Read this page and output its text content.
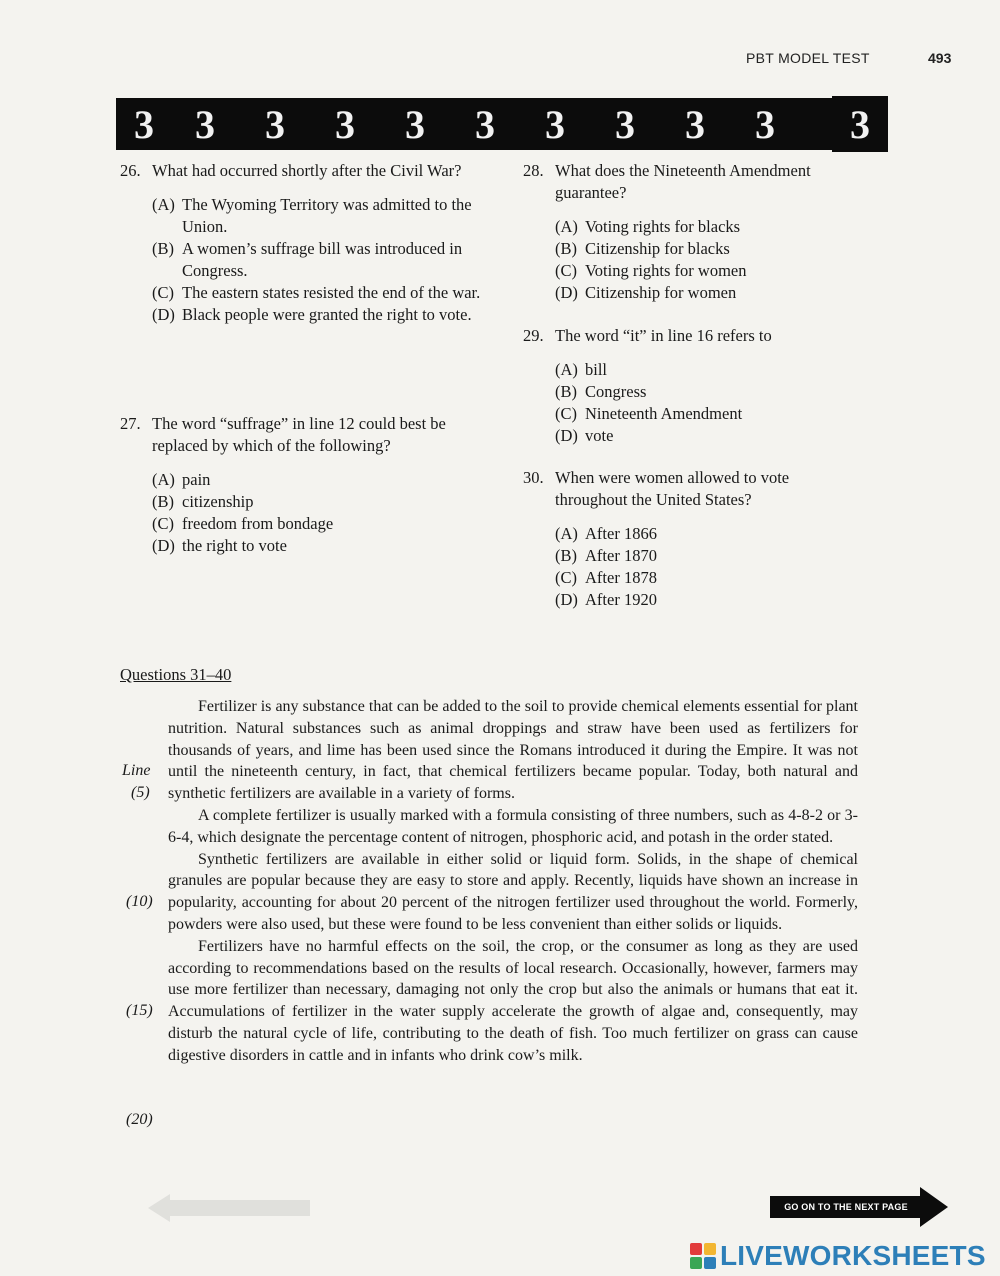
PBT MODEL TEST	493
3	3	3	3	3	3	3	3	3	3	3
26. What had occurred shortly after the Civil War?
(A) The Wyoming Territory was admitted to the Union.
(B) A women’s suffrage bill was introduced in Congress.
(C) The eastern states resisted the end of the war.
(D) Black people were granted the right to vote.
27. The word “suffrage” in line 12 could best be replaced by which of the following?
(A) pain
(B) citizenship
(C) freedom from bondage
(D) the right to vote
28. What does the Nineteenth Amendment guarantee?
(A) Voting rights for blacks
(B) Citizenship for blacks
(C) Voting rights for women
(D) Citizenship for women
29. The word “it” in line 16 refers to
(A) bill
(B) Congress
(C) Nineteenth Amendment
(D) vote
30. When were women allowed to vote throughout the United States?
(A) After 1866
(B) After 1870
(C) After 1878
(D) After 1920
Questions 31–40

Fertilizer is any substance that can be added to the soil to provide chemical elements essential for plant nutrition. Natural substances such as animal droppings and straw have been used as fertilizers for thousands of years, and lime has been used since the Romans introduced it during the Empire. It was not until the nineteenth century, in fact, that chemical fertilizers became popular. Today, both natural and synthetic fertilizers are available in a variety of forms.

A complete fertilizer is usually marked with a formula consisting of three numbers, such as 4-8-2 or 3-6-4, which designate the percentage content of nitrogen, phosphoric acid, and potash in the order stated.

Synthetic fertilizers are available in either solid or liquid form. Solids, in the shape of chemical granules are popular because they are easy to store and apply. Recently, liquids have shown an increase in popularity, accounting for about 20 percent of the nitrogen fertilizer used throughout the world. Formerly, powders were also used, but these were found to be less convenient than either solids or liquids.

Fertilizers have no harmful effects on the soil, the crop, or the consumer as long as they are used according to recommendations based on the results of local research. Occasionally, however, farmers may use more fertilizer than necessary, damaging not only the crop but also the animals or humans that eat it. Accumulations of fertilizer in the water supply accelerate the growth of algae and, consequently, may disturb the natural cycle of life, contributing to the death of fish. Too much fertilizer on grass can cause digestive disorders in cattle and in infants who drink cow’s milk.

Line
(5)
(10)
(15)
(20)
GO ON TO THE NEXT PAGE
LIVEWORKSHEETS
